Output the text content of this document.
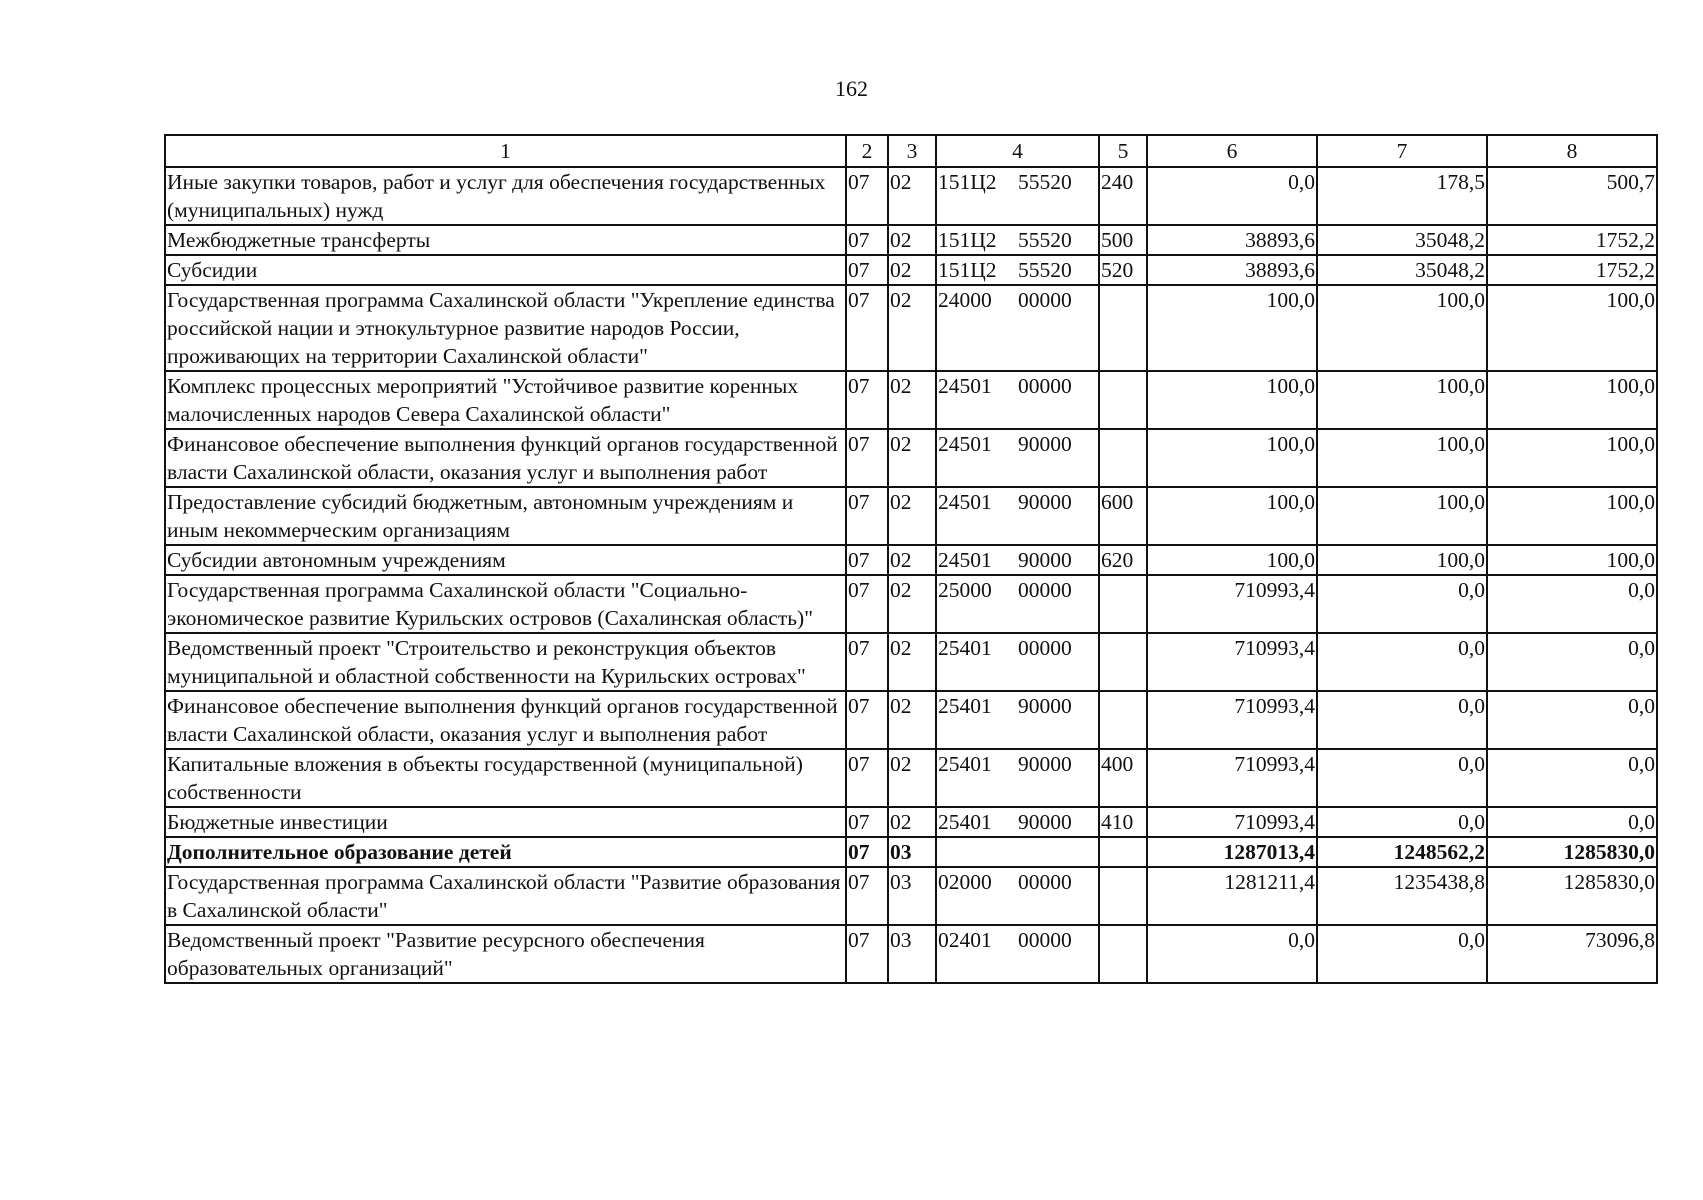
162
1	2	3	4	5	6	7	8
Иные закупки товаров, работ и услуг для обеспечения государственных (муниципальных) нужд	07	02	151Ц2 55520	240	0,0	178,5	500,7
Межбюджетные трансферты	07	02	151Ц2 55520	500	38893,6	35048,2	1752,2
Субсидии	07	02	151Ц2 55520	520	38893,6	35048,2	1752,2
Государственная программа Сахалинской области "Укрепление единства российской нации и этнокультурное развитие народов России, проживающих на территории Сахалинской области"	07	02	24000 00000		100,0	100,0	100,0
Комплекс процессных мероприятий "Устойчивое развитие коренных малочисленных народов Севера Сахалинской области"	07	02	24501 00000		100,0	100,0	100,0
Финансовое обеспечение выполнения функций органов государственной власти Сахалинской области, оказания услуг и выполнения работ	07	02	24501 90000		100,0	100,0	100,0
Предоставление субсидий бюджетным, автономным учреждениям и иным некоммерческим организациям	07	02	24501 90000	600	100,0	100,0	100,0
Субсидии автономным учреждениям	07	02	24501 90000	620	100,0	100,0	100,0
Государственная программа Сахалинской области "Социально-экономическое развитие Курильских островов (Сахалинская область)"	07	02	25000 00000		710993,4	0,0	0,0
Ведомственный проект "Строительство и реконструкция объектов муниципальной и областной собственности на Курильских островах"	07	02	25401 00000		710993,4	0,0	0,0
Финансовое обеспечение выполнения функций органов государственной власти Сахалинской области, оказания услуг и выполнения работ	07	02	25401 90000		710993,4	0,0	0,0
Капитальные вложения в объекты государственной (муниципальной) собственности	07	02	25401 90000	400	710993,4	0,0	0,0
Бюджетные инвестиции	07	02	25401 90000	410	710993,4	0,0	0,0
Дополнительное образование детей	07	03			1287013,4	1248562,2	1285830,0
Государственная программа Сахалинской области "Развитие образования в Сахалинской области"	07	03	02000 00000		1281211,4	1235438,8	1285830,0
Ведомственный проект "Развитие ресурсного обеспечения образовательных организаций"	07	03	02401 00000		0,0	0,0	73096,8
